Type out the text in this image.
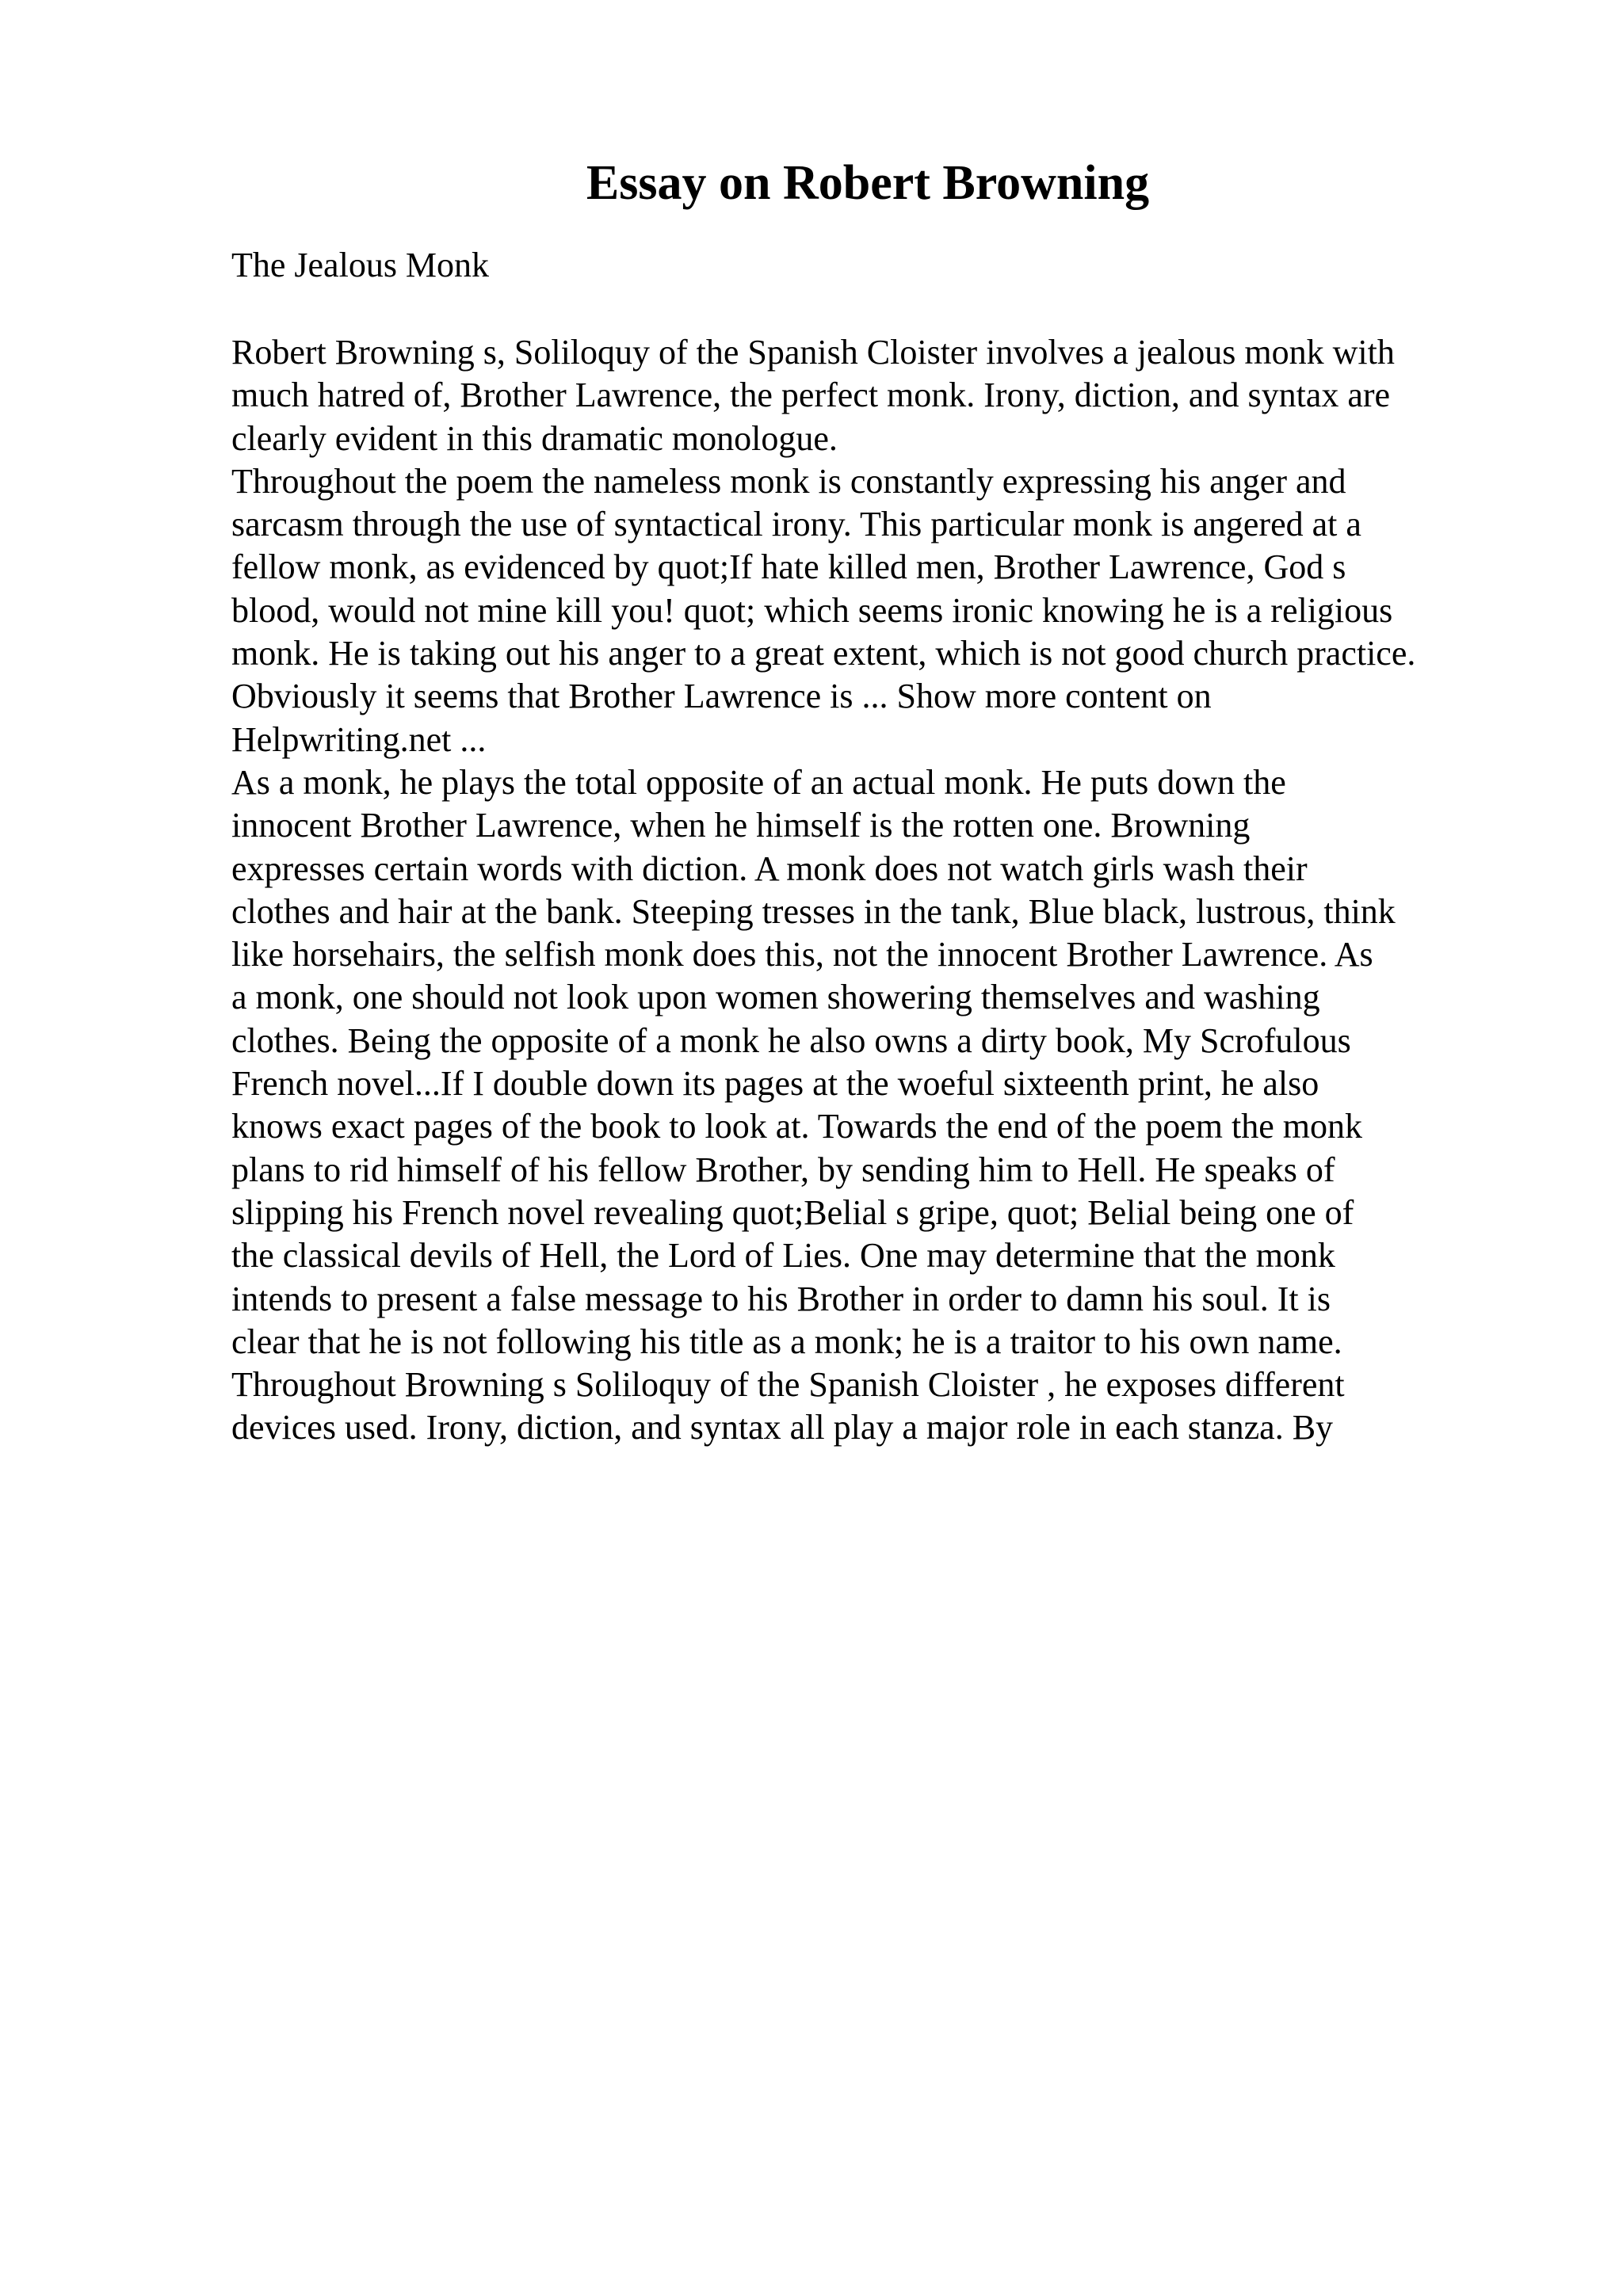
Essay on Robert Browning
The Jealous Monk
Robert Browning s, Soliloquy of the Spanish Cloister involves a jealous monk with
much hatred of, Brother Lawrence, the perfect monk. Irony, diction, and syntax are
clearly evident in this dramatic monologue.
Throughout the poem the nameless monk is constantly expressing his anger and
sarcasm through the use of syntactical irony. This particular monk is angered at a
fellow monk, as evidenced by quot;If hate killed men, Brother Lawrence, God s
blood, would not mine kill you! quot; which seems ironic knowing he is a religious
monk. He is taking out his anger to a great extent, which is not good church practice.
Obviously it seems that Brother Lawrence is ... Show more content on
Helpwriting.net ...
As a monk, he plays the total opposite of an actual monk. He puts down the
innocent Brother Lawrence, when he himself is the rotten one. Browning
expresses certain words with diction. A monk does not watch girls wash their
clothes and hair at the bank. Steeping tresses in the tank, Blue black, lustrous, think
like horsehairs, the selfish monk does this, not the innocent Brother Lawrence. As
a monk, one should not look upon women showering themselves and washing
clothes. Being the opposite of a monk he also owns a dirty book, My Scrofulous
French novel...If I double down its pages at the woeful sixteenth print, he also
knows exact pages of the book to look at. Towards the end of the poem the monk
plans to rid himself of his fellow Brother, by sending him to Hell. He speaks of
slipping his French novel revealing quot;Belial s gripe, quot; Belial being one of
the classical devils of Hell, the Lord of Lies. One may determine that the monk
intends to present a false message to his Brother in order to damn his soul. It is
clear that he is not following his title as a monk; he is a traitor to his own name.
Throughout Browning s Soliloquy of the Spanish Cloister , he exposes different
devices used. Irony, diction, and syntax all play a major role in each stanza. By
